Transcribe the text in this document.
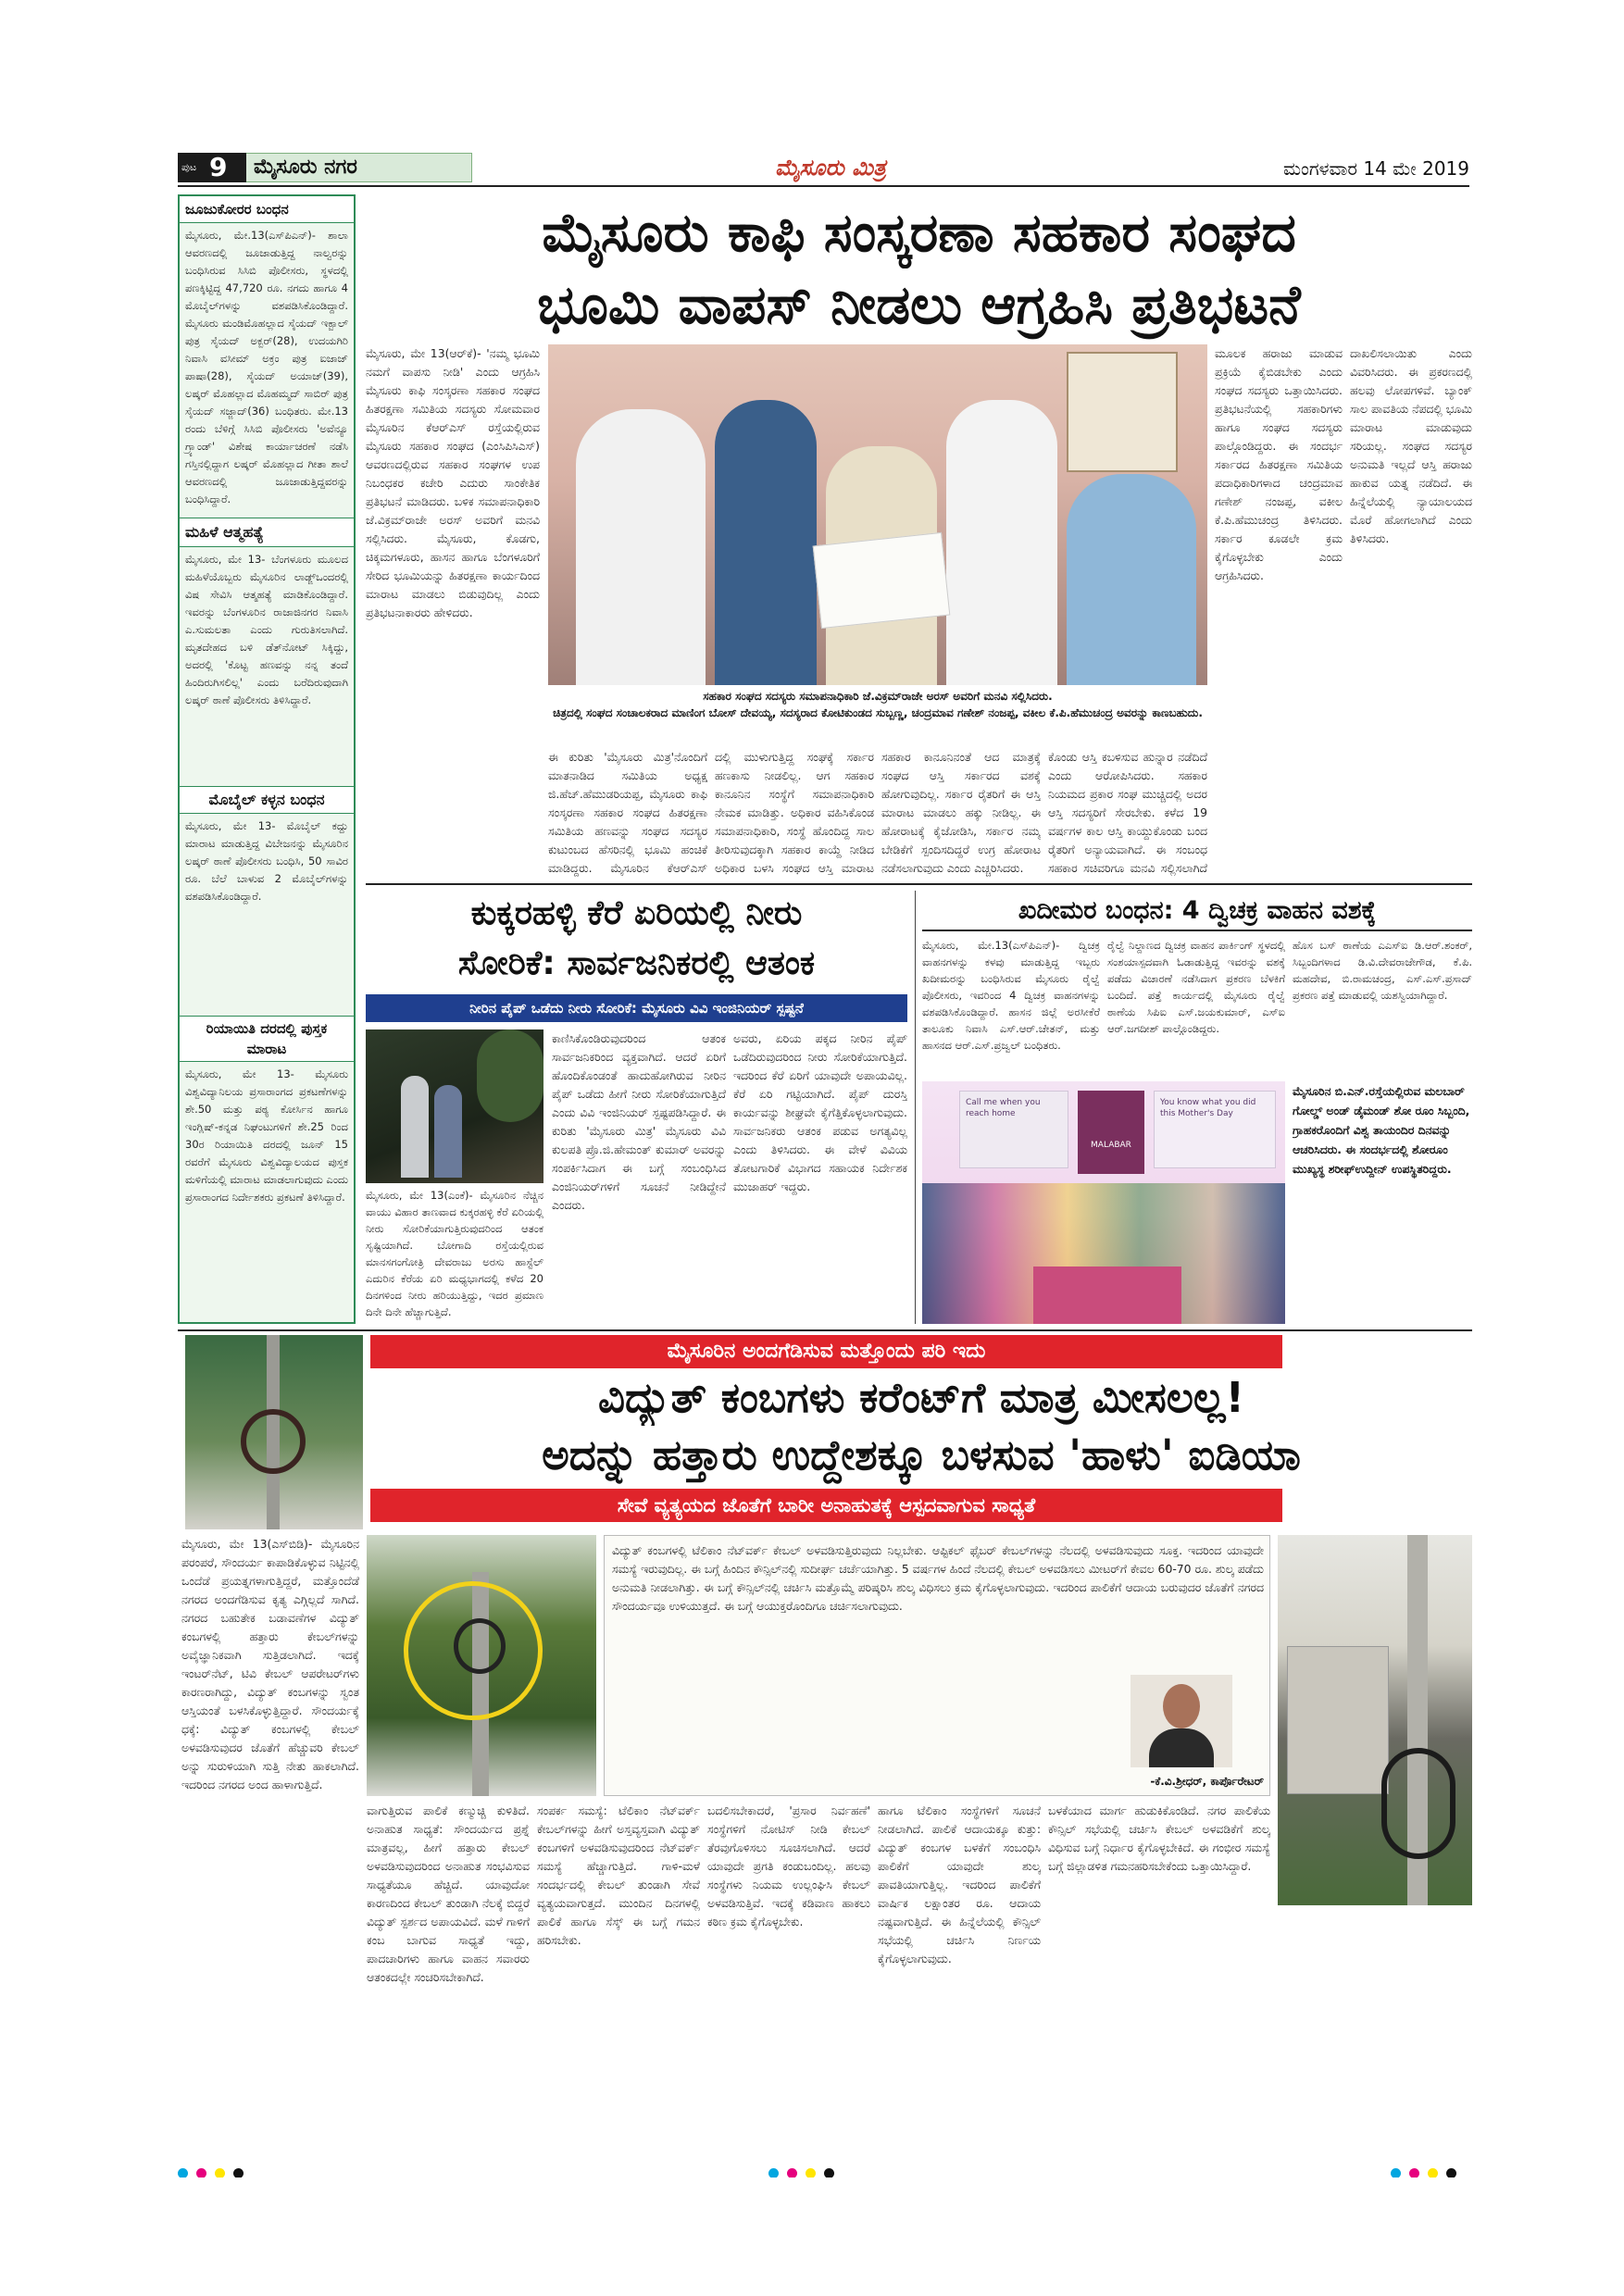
ಪುಟ 9 ಮೈಸೂರು ನಗರ	ಮೈಸೂರು ಮಿತ್ರ	ಮಂಗಳವಾರ 14 ಮೇ 2019
ಜೂಜುಕೋರರ ಬಂಧನ
ಮೈಸೂರು, ಮೇ.13(ಎಸ್‌ಪಿಎನ್)- ಶಾಲಾ ಆವರಣದಲ್ಲಿ ಜೂಜಾಡುತ್ತಿದ್ದ ನಾಲ್ವರನ್ನು ಬಂಧಿಸಿರುವ ಸಿಸಿಬಿ ಪೊಲೀಸರು, ಸ್ಥಳದಲ್ಲಿ ಪಣಕ್ಕಿಟ್ಟಿದ್ದ 47,720 ರೂ. ನಗದು ಹಾಗೂ 4 ಮೊಬೈಲ್‌ಗಳನ್ನು ವಶಪಡಿಸಿಕೊಂಡಿದ್ದಾರೆ. ಮೈಸೂರು ಮಂಡಿಮೊಹಲ್ಲಾದ ಸೈಯದ್ ಇಕ್ಬಾಲ್ ಪುತ್ರ ಸೈಯದ್ ಅಕ್ಬರ್(28), ಉದಯಗಿರಿ ನಿವಾಸಿ ವಸೀಮ್ ಅಕ್ರಂ ಪುತ್ರ ಐಜಾಜ್ ಪಾಷಾ(28), ಸೈಯದ್ ಅಯಾಜ್(39), ಲಷ್ಕರ್ ಮೊಹಲ್ಲಾದ ಮೊಹಮ್ಮದ್ ಸಾಬಿರ್ ಪುತ್ರ ಸೈಯದ್ ಸಜ್ಜಾದ್(36) ಬಂಧಿತರು. ಮೇ.13 ರಂದು ಬೆಳಿಗ್ಗೆ ಸಿಸಿಬಿ ಪೊಲೀಸರು 'ಅವೆನ್ಯೂ ಗ್ರ್ಯಾಂಡ್' ವಿಶೇಷ ಕಾರ್ಯಾಚರಣೆ ನಡೆಸಿ ಗಸ್ತಿನಲ್ಲಿದ್ದಾಗ ಲಷ್ಕರ್ ಮೊಹಲ್ಲಾದ ಗೀತಾ ಶಾಲೆ ಆವರಣದಲ್ಲಿ ಜೂಜಾಡುತ್ತಿದ್ದವರನ್ನು ಬಂಧಿಸಿದ್ದಾರೆ.
ಮಹಿಳೆ ಆತ್ಮಹತ್ಯೆ
ಮೈಸೂರು, ಮೇ 13- ಬೆಂಗಳೂರು ಮೂಲದ ಮಹಿಳೆಯೊಬ್ಬರು ಮೈಸೂರಿನ ಲಾಡ್ಜ್‌ಒಂದರಲ್ಲಿ ವಿಷ ಸೇವಿಸಿ ಆತ್ಮಹತ್ಯೆ ಮಾಡಿಕೊಂಡಿದ್ದಾರೆ. ಇವರನ್ನು ಬೆಂಗಳೂರಿನ ರಾಜಾಜಿನಗರ ನಿವಾಸಿ ಎ.ಸುಮಲತಾ ಎಂದು ಗುರುತಿಸಲಾಗಿದೆ. ಮೃತದೇಹದ ಬಳಿ ಡೆತ್‌ನೋಟ್ ಸಿಕ್ಕಿದ್ದು, ಅದರಲ್ಲಿ 'ಕೊಟ್ಟ ಹಣವನ್ನು ನನ್ನ ತಂದೆ ಹಿಂದಿರುಗಿಸಲಿಲ್ಲ' ಎಂದು ಬರೆದಿರುವುದಾಗಿ ಲಷ್ಕರ್ ಠಾಣೆ ಪೊಲೀಸರು ತಿಳಿಸಿದ್ದಾರೆ.
ಮೊಬೈಲ್ ಕಳ್ಳನ ಬಂಧನ
ಮೈಸೂರು, ಮೇ 13- ಮೊಬೈಲ್ ಕದ್ದು ಮಾರಾಟ ಮಾಡುತ್ತಿದ್ದ ವಿಬೇಜನನ್ನು ಮೈಸೂರಿನ ಲಷ್ಕರ್ ಠಾಣೆ ಪೊಲೀಸರು ಬಂಧಿಸಿ, 50 ಸಾವಿರ ರೂ. ಬೆಲೆ ಬಾಳುವ 2 ಮೊಬೈಲ್‌ಗಳನ್ನು ವಶಪಡಿಸಿಕೊಂಡಿದ್ದಾರೆ.
ರಿಯಾಯಿತಿ ದರದಲ್ಲಿ ಪುಸ್ತಕ ಮಾರಾಟ
ಮೈಸೂರು, ಮೇ 13- ಮೈಸೂರು ವಿಶ್ವವಿದ್ಯಾನಿಲಯ ಪ್ರಸಾರಾಂಗದ ಪ್ರಕಟಣೆಗಳನ್ನು ಶೇ.50 ಮತ್ತು ಪಠ್ಯ ಕೋರ್ಸಿನ ಹಾಗೂ ಇಂಗ್ಲಿಷ್-ಕನ್ನಡ ನಿಘಂಟುಗಳಿಗೆ ಶೇ.25 ರಿಂದ 30ರ ರಿಯಾಯಿತಿ ದರದಲ್ಲಿ ಜೂನ್ 15 ರವರೆಗೆ ಮೈಸೂರು ವಿಶ್ವವಿದ್ಯಾಲಯದ ಪುಸ್ತಕ ಮಳಿಗೆಯಲ್ಲಿ ಮಾರಾಟ ಮಾಡಲಾಗುವುದು ಎಂದು ಪ್ರಸಾರಾಂಗದ ನಿರ್ದೇಶಕರು ಪ್ರಕಟಣೆ ತಿಳಿಸಿದ್ದಾರೆ.
ಮೈಸೂರು ಕಾಫಿ ಸಂಸ್ಕರಣಾ ಸಹಕಾರ ಸಂಘದ
ಭೂಮಿ ವಾಪಸ್ ನೀಡಲು ಆಗ್ರಹಿಸಿ ಪ್ರತಿಭಟನೆ
ಮೈಸೂರು, ಮೇ 13(ಆರ್‌ಕೆ)- 'ನಮ್ಮ ಭೂಮಿ ನಮಗೆ ವಾಪಸು ನೀಡಿ' ಎಂದು ಆಗ್ರಹಿಸಿ ಮೈಸೂರು ಕಾಫಿ ಸಂಸ್ಕರಣಾ ಸಹಕಾರ ಸಂಘದ ಹಿತರಕ್ಷಣಾ ಸಮಿತಿಯ ಸದಸ್ಯರು ಸೋಮವಾರ ಮೈಸೂರಿನ ಕೆಆರ್‌ಎಸ್ ರಸ್ತೆಯಲ್ಲಿರುವ ಮೈಸೂರು ಸಹಕಾರ ಸಂಘದ (ಎಂಸಿಪಿಸಿಎಸ್) ಆವರಣದಲ್ಲಿರುವ ಸಹಕಾರ ಸಂಘಗಳ ಉಪ ನಿಬಂಧಕರ ಕಚೇರಿ ಎದುರು ಸಾಂಕೇತಿಕ ಪ್ರತಿಭಟನೆ ಮಾಡಿದರು. ಬಳಿಕ ಸಮಾಪನಾಧಿಕಾರಿ ಜೆ.ವಿಕ್ರಮ್‌ರಾಜೇ ಅರಸ್ ಅವರಿಗೆ ಮನವಿ ಸಲ್ಲಿಸಿದರು. ಮೈಸೂರು, ಕೊಡಗು, ಚಿಕ್ಕಮಗಳೂರು, ಹಾಸನ ಹಾಗೂ ಬೆಂಗಳೂರಿಗೆ ಸೇರಿದ ಭೂಮಿಯನ್ನು ಹಿತರಕ್ಷಣಾ ಕಾರ್ಯದಿಂದ ಮಾರಾಟ ಮಾಡಲು ಬಿಡುವುದಿಲ್ಲ ಎಂದು ಪ್ರತಿಭಟನಾಕಾರರು ಹೇಳಿದರು.
ಸಹಕಾರ ಸಂಘದ ಸದಸ್ಯರು ಸಮಾಪನಾಧಿಕಾರಿ ಜೆ.ವಿಕ್ರಮ್‌ರಾಜೇ ಅರಸ್ ಅವರಿಗೆ ಮನವಿ ಸಲ್ಲಿಸಿದರು.
ಚಿತ್ರದಲ್ಲಿ ಸಂಘದ ಸಂಚಾಲಕರಾದ ಮಾಣಿಂಗ ಬೋಸ್ ದೇವಯ್ಯ, ಸದಸ್ಯರಾದ ಕೋಟಿಕುಂಡದ ಸುಬ್ಬಣ್ಣ, ಚಂದ್ರಮಾವ ಗಣೇಶ್ ನಂಜಪ್ಪ, ವಕೀಲ ಕೆ.ಪಿ.ಹೆಮುಚಂದ್ರ ಅವರನ್ನು ಕಾಣಬಹುದು.
ಈ ಕುರಿತು 'ಮೈಸೂರು ಮಿತ್ರ'ನೊಂದಿಗೆ ಮಾತನಾಡಿದ ಸಮಿತಿಯ ಅಧ್ಯಕ್ಷ ಜಿ.ಹೆಚ್.ಹೆಮುಡರಿಯಪ್ಪ, ಮೈಸೂರು ಕಾಫಿ ಸಂಸ್ಕರಣಾ ಸಹಕಾರ ಸಂಘದ ಹಿತರಕ್ಷಣಾ ಸಮಿತಿಯ ಹಣವನ್ನು ಸಂಘದ ಸದಸ್ಯರ ಕುಟುಂಬದ ಹೆಸರಿನಲ್ಲಿ ಭೂಮಿ ಹಂಚಿಕೆ ಮಾಡಿದ್ದರು. ಮೈಸೂರಿನ ಕೆಆರ್‌ಎಸ್
ದಲ್ಲಿ ಮುಳುಗುತ್ತಿದ್ದ ಸಂಘಕ್ಕೆ ಸರ್ಕಾರ ಹಣಕಾಸು ನೀಡಲಿಲ್ಲ. ಆಗ ಸಹಕಾರ ಕಾನೂನಿನ ಸಂಸ್ಥೆಗೆ ಸಮಾಪನಾಧಿಕಾರಿ ನೇಮಕ ಮಾಡಿತ್ತು. ಅಧಿಕಾರ ವಹಿಸಿಕೊಂಡ ಸಮಾಪನಾಧಿಕಾರಿ, ಸಂಸ್ಥೆ ಹೊಂದಿದ್ದ ಸಾಲ ತೀರಿಸುವುದಕ್ಕಾಗಿ ಸಹಕಾರ ಕಾಯ್ದೆ ನೀಡಿದ ಅಧಿಕಾರ ಬಳಸಿ ಸಂಘದ ಆಸ್ತಿ ಮಾರಾಟ
ಸಹಕಾರ ಕಾನೂನಿನಂತೆ ಆದ ಮಾತ್ರಕ್ಕೆ ಸಂಘದ ಆಸ್ತಿ ಸರ್ಕಾರದ ವಶಕ್ಕೆ ಹೋಗುವುದಿಲ್ಲ. ಸರ್ಕಾರ ರೈತರಿಗೆ ಈ ಆಸ್ತಿ ಮಾರಾಟ ಮಾಡಲು ಹಕ್ಕು ನೀಡಿಲ್ಲ. ಈ ಹೋರಾಟಕ್ಕೆ ಕೈಜೋಡಿಸಿ, ಸರ್ಕಾರ ನಮ್ಮ ಬೇಡಿಕೆಗೆ ಸ್ಪಂದಿಸದಿದ್ದರೆ ಉಗ್ರ ಹೋರಾಟ ನಡೆಸಲಾಗುವುದು ಎಂದು ಎಚ್ಚರಿಸಿದರು.
ಕೊಂಡು ಆಸ್ತಿ ಕಬಳಿಸುವ ಹುನ್ನಾರ ನಡೆದಿದೆ ಎಂದು ಆರೋಪಿಸಿದರು. ಸಹಕಾರ ನಿಯಮದ ಪ್ರಕಾರ ಸಂಘ ಮುಚ್ಚಿದಲ್ಲಿ ಅದರ ಆಸ್ತಿ ಸದಸ್ಯರಿಗೆ ಸೇರಬೇಕು. ಕಳೆದ 19 ವರ್ಷಗಳ ಕಾಲ ಆಸ್ತಿ ಕಾಯ್ದುಕೊಂಡು ಬಂದ ರೈತರಿಗೆ ಅನ್ಯಾಯವಾಗಿದೆ. ಈ ಸಂಬಂಧ ಸಹಕಾರ ಸಚಿವರಿಗೂ ಮನವಿ ಸಲ್ಲಿಸಲಾಗಿದೆ
ಮೂಲಕ ಹರಾಜು ಮಾಡುವ ಪ್ರಕ್ರಿಯೆ ಕೈಬಿಡಬೇಕು ಎಂದು ಸಂಘದ ಸದಸ್ಯರು ಒತ್ತಾಯಿಸಿದರು. ಪ್ರತಿಭಟನೆಯಲ್ಲಿ ಸಹಕಾರಿಗಳು ಹಾಗೂ ಸಂಘದ ಸದಸ್ಯರು ಪಾಲ್ಗೊಂಡಿದ್ದರು. ಈ ಸಂದರ್ಭ ಸರ್ಕಾರದ ಹಿತರಕ್ಷಣಾ ಸಮಿತಿಯ ಪದಾಧಿಕಾರಿಗಳಾದ ಚಂದ್ರಮಾವ ಗಣೇಶ್ ನಂಜಪ್ಪ, ವಕೀಲ ಕೆ.ಪಿ.ಹೆಮುಚಂದ್ರ ತಿಳಿಸಿದರು. ಸರ್ಕಾರ ಕೂಡಲೇ ಕ್ರಮ ಕೈಗೊಳ್ಳಬೇಕು ಎಂದು ಆಗ್ರಹಿಸಿದರು.
ದಾಖಲಿಸಲಾಯಿತು ಎಂದು ವಿವರಿಸಿದರು. ಈ ಪ್ರಕರಣದಲ್ಲಿ ಹಲವು ಲೋಪಗಳಿವೆ. ಬ್ಯಾಂಕ್ ಸಾಲ ಪಾವತಿಯ ನೆಪದಲ್ಲಿ ಭೂಮಿ ಮಾರಾಟ ಮಾಡುವುದು ಸರಿಯಲ್ಲ. ಸಂಘದ ಸದಸ್ಯರ ಅನುಮತಿ ಇಲ್ಲದೆ ಆಸ್ತಿ ಹರಾಜು ಹಾಕುವ ಯತ್ನ ನಡೆದಿದೆ. ಈ ಹಿನ್ನೆಲೆಯಲ್ಲಿ ನ್ಯಾಯಾಲಯದ ಮೊರೆ ಹೋಗಲಾಗಿದೆ ಎಂದು ತಿಳಿಸಿದರು.
ಕುಕ್ಕರಹಳ್ಳಿ ಕೆರೆ ಏರಿಯಲ್ಲಿ ನೀರು
ಸೋರಿಕೆ: ಸಾರ್ವಜನಿಕರಲ್ಲಿ ಆತಂಕ
ನೀರಿನ ಪೈಪ್ ಒಡೆದು ನೀರು ಸೋರಿಕೆ: ಮೈಸೂರು ವಿವಿ ಇಂಜಿನಿಯರ್ ಸ್ಪಷ್ಟನೆ
ಮೈಸೂರು, ಮೇ 13(ಎಂಕೆ)- ಮೈಸೂರಿನ ನೆಚ್ಚಿನ ವಾಯು ವಿಹಾರ ತಾಣವಾದ ಕುಕ್ಕರಹಳ್ಳಿ ಕೆರೆ ಏರಿಯಲ್ಲಿ ನೀರು ಸೋರಿಕೆಯಾಗುತ್ತಿರುವುದರಿಂದ ಆತಂಕ ಸೃಷ್ಟಿಯಾಗಿದೆ. ಬೋಗಾದಿ ರಸ್ತೆಯಲ್ಲಿರುವ ಮಾನಸಗಂಗೋತ್ರಿ ದೇವರಾಜು ಅರಸು ಹಾಸ್ಟೆಲ್ ಎದುರಿನ ಕೆರೆಯ ಏರಿ ಮಧ್ಯಭಾಗದಲ್ಲಿ ಕಳೆದ 20 ದಿನಗಳಿಂದ ನೀರು ಹರಿಯುತ್ತಿದ್ದು, ಇದರ ಪ್ರಮಾಣ ದಿನೇ ದಿನೇ ಹೆಚ್ಚಾಗುತ್ತಿದೆ.
ಕಾಣಿಸಿಕೊಂಡಿರುವುದರಿಂದ ಆತಂಕ ಸಾರ್ವಜನಿಕರಿಂದ ವ್ಯಕ್ತವಾಗಿದೆ. ಆದರೆ ಏರಿಗೆ ಹೊಂದಿಕೊಂಡಂತೆ ಹಾದುಹೋಗಿರುವ ನೀರಿನ ಪೈಪ್ ಒಡೆದು ಹೀಗೆ ನೀರು ಸೋರಿಕೆಯಾಗುತ್ತಿದೆ ಎಂದು ವಿವಿ ಇಂಜಿನಿಯರ್ ಸ್ಪಷ್ಟಪಡಿಸಿದ್ದಾರೆ. ಈ ಕುರಿತು 'ಮೈಸೂರು ಮಿತ್ರ' ಮೈಸೂರು ವಿವಿ ಕುಲಪತಿ ಪ್ರೊ.ಜಿ.ಹೇಮಂತ್ ಕುಮಾರ್ ಅವರನ್ನು ಸಂಪರ್ಕಿಸಿದಾಗ ಈ ಬಗ್ಗೆ ಸಂಬಂಧಿಸಿದ ಎಂಜಿನಿಯರ್‌ಗಳಿಗೆ ಸೂಚನೆ ನೀಡಿದ್ದೇನೆ ಎಂದರು.
ಅವರು, ಏರಿಯ ಪಕ್ಕದ ನೀರಿನ ಪೈಪ್ ಒಡೆದಿರುವುದರಿಂದ ನೀರು ಸೋರಿಕೆಯಾಗುತ್ತಿದೆ. ಇದರಿಂದ ಕೆರೆ ಏರಿಗೆ ಯಾವುದೇ ಅಪಾಯವಿಲ್ಲ. ಕೆರೆ ಏರಿ ಗಟ್ಟಿಯಾಗಿದೆ. ಪೈಪ್ ದುರಸ್ತಿ ಕಾರ್ಯವನ್ನು ಶೀಘ್ರವೇ ಕೈಗೆತ್ತಿಕೊಳ್ಳಲಾಗುವುದು. ಸಾರ್ವಜನಿಕರು ಆತಂಕ ಪಡುವ ಅಗತ್ಯವಿಲ್ಲ ಎಂದು ತಿಳಿಸಿದರು. ಈ ವೇಳೆ ವಿವಿಯ ತೋಟಗಾರಿಕೆ ವಿಭಾಗದ ಸಹಾಯಕ ನಿರ್ದೇಶಕ ಮುಜಾಹರ್ ಇದ್ದರು.
ಖದೀಮರ ಬಂಧನ: 4 ದ್ವಿಚಕ್ರ ವಾಹನ ವಶಕ್ಕೆ
ಮೈಸೂರು, ಮೇ.13(ಎಸ್‌ಪಿಎನ್)- ದ್ವಿಚಕ್ರ ವಾಹನಗಳನ್ನು ಕಳವು ಮಾಡುತ್ತಿದ್ದ ಇಬ್ಬರು ಖದೀಮರನ್ನು ಬಂಧಿಸಿರುವ ಮೈಸೂರು ರೈಲ್ವೆ ಪೊಲೀಸರು, ಇವರಿಂದ 4 ದ್ವಿಚಕ್ರ ವಾಹನಗಳನ್ನು ವಶಪಡಿಸಿಕೊಂಡಿದ್ದಾರೆ. ಹಾಸನ ಜಿಲ್ಲೆ ಅರಸೀಕೆರೆ ತಾಲೂಕು ನಿವಾಸಿ ಎಸ್.ಆರ್.ಚೇತನ್, ಮತ್ತು ಹಾಸನದ ಆರ್.ಎಸ್.ಪ್ರಜ್ವಲ್ ಬಂಧಿತರು.
ರೈಲ್ವೆ ನಿಲ್ದಾಣದ ದ್ವಿಚಕ್ರ ವಾಹನ ಪಾರ್ಕಿಂಗ್ ಸ್ಥಳದಲ್ಲಿ ಸಂಶಯಾಸ್ಪದವಾಗಿ ಓಡಾಡುತ್ತಿದ್ದ ಇವರನ್ನು ವಶಕ್ಕೆ ಪಡೆದು ವಿಚಾರಣೆ ನಡೆಸಿದಾಗ ಪ್ರಕರಣ ಬೆಳಕಿಗೆ ಬಂದಿದೆ. ಪತ್ತೆ ಕಾರ್ಯದಲ್ಲಿ ಮೈಸೂರು ರೈಲ್ವೆ ಠಾಣೆಯ ಸಿಪಿಐ ಎಸ್.ಜಯಕುಮಾರ್, ಎಸ್‌ಐ ಆರ್.ಜಗದೀಶ್ ಪಾಲ್ಗೊಂಡಿದ್ದರು.
ಹೊಸ ಬಸ್ ಠಾಣೆಯ ಎಎಸ್‌ಐ ಡಿ.ಆರ್.ಶಂಕರ್, ಸಿಬ್ಬಂದಿಗಳಾದ ಡಿ.ವಿ.ದೇವರಾಜೇಗೌಡ, ಕೆ.ಪಿ. ಮಹದೇವ, ಬಿ.ರಾಮಚಂದ್ರ, ಎಸ್.ಎಸ್.ಪ್ರಸಾದ್ ಪ್ರಕರಣ ಪತ್ತೆ ಮಾಡುವಲ್ಲಿ ಯಶಸ್ವಿಯಾಗಿದ್ದಾರೆ.
Call me when you reach home
MALABAR
You know what you did this Mother's Day
ಮೈಸೂರಿನ ಬಿ.ಎನ್.ರಸ್ತೆಯಲ್ಲಿರುವ ಮಲಬಾರ್ ಗೋಲ್ಡ್ ಅಂಡ್ ಡೈಮಂಡ್ ಶೋ ರೂಂ ಸಿಬ್ಬಂದಿ, ಗ್ರಾಹಕರೊಂದಿಗೆ ವಿಶ್ವ ತಾಯಂದಿರ ದಿನವನ್ನು ಆಚರಿಸಿದರು. ಈ ಸಂದರ್ಭದಲ್ಲಿ ಶೋರೂಂ ಮುಖ್ಯಸ್ಥ ಶರೀಫ್‌ಉದ್ದೀನ್ ಉಪಸ್ಥಿತರಿದ್ದರು.
ಮೈಸೂರಿನ ಅಂದಗೆಡಿಸುವ ಮತ್ತೊಂದು ಪರಿ ಇದು
ವಿದ್ಯುತ್ ಕಂಬಗಳು ಕರೆಂಟ್‌ಗೆ ಮಾತ್ರ ಮೀಸಲಲ್ಲ!
ಅದನ್ನು ಹತ್ತಾರು ಉದ್ದೇಶಕ್ಕೂ ಬಳಸುವ 'ಹಾಳು' ಐಡಿಯಾ
ಸೇವೆ ವ್ಯತ್ಯಯದ ಜೊತೆಗೆ ಬಾರೀ ಅನಾಹುತಕ್ಕೆ ಆಸ್ಪದವಾಗುವ ಸಾಧ್ಯತೆ
ಮೈಸೂರು, ಮೇ 13(ಎಸ್‌ಬಿಡಿ)- ಮೈಸೂರಿನ ಪರಂಪರೆ, ಸೌಂದರ್ಯ ಕಾಪಾಡಿಕೊಳ್ಳುವ ನಿಟ್ಟಿನಲ್ಲಿ ಒಂದೆಡೆ ಪ್ರಯತ್ನಗಳಾಗುತ್ತಿದ್ದರೆ, ಮತ್ತೊಂದೆಡೆ ನಗರದ ಅಂದಗೆಡಿಸುವ ಕೃತ್ಯ ಎಗ್ಗಿಲ್ಲದೆ ಸಾಗಿದೆ. ನಗರದ ಬಹುತೇಕ ಬಡಾವಣೆಗಳ ವಿದ್ಯುತ್ ಕಂಬಗಳಲ್ಲಿ ಹತ್ತಾರು ಕೇಬಲ್‌ಗಳನ್ನು ಅವೈಜ್ಞಾನಿಕವಾಗಿ ಸುತ್ತಿಡಲಾಗಿದೆ. ಇದಕ್ಕೆ ಇಂಟರ್‌ನೆಟ್, ಟಿವಿ ಕೇಬಲ್ ಆಪರೇಟರ್‌ಗಳು ಕಾರಣರಾಗಿದ್ದು, ವಿದ್ಯುತ್ ಕಂಬಗಳನ್ನು ಸ್ವಂತ ಆಸ್ತಿಯಂತೆ ಬಳಸಿಕೊಳ್ಳುತ್ತಿದ್ದಾರೆ. ಸೌಂದರ್ಯಕ್ಕೆ ಧಕ್ಕೆ: ವಿದ್ಯುತ್ ಕಂಬಗಳಲ್ಲಿ ಕೇಬಲ್ ಅಳವಡಿಸುವುದರ ಜೊತೆಗೆ ಹೆಚ್ಚುವರಿ ಕೇಬಲ್ ಅನ್ನು ಸುರುಳಿಯಾಗಿ ಸುತ್ತಿ ನೇತು ಹಾಕಲಾಗಿದೆ. ಇದರಿಂದ ನಗರದ ಅಂದ ಹಾಳಾಗುತ್ತಿದೆ.
ವಿದ್ಯುತ್ ಕಂಬಗಳಲ್ಲಿ ಟೆಲಿಕಾಂ ನೆಟ್‌ವರ್ಕ್ ಕೇಬಲ್ ಅಳವಡಿಸುತ್ತಿರುವುದು ನಿಲ್ಲಬೇಕು. ಆಪ್ಟಿಕಲ್ ಫೈಬರ್ ಕೇಬಲ್‌ಗಳನ್ನು ನೆಲದಲ್ಲಿ ಅಳವಡಿಸುವುದು ಸೂಕ್ತ. ಇದರಿಂದ ಯಾವುದೇ ಸಮಸ್ಯೆ ಇರುವುದಿಲ್ಲ. ಈ ಬಗ್ಗೆ ಹಿಂದಿನ ಕೌನ್ಸಿಲ್‌ನಲ್ಲಿ ಸುದೀರ್ಘ ಚರ್ಚೆಯಾಗಿತ್ತು. 5 ವರ್ಷಗಳ ಹಿಂದೆ ನೆಲದಲ್ಲಿ ಕೇಬಲ್ ಅಳವಡಿಸಲು ಮೀಟರ್‌ಗೆ ಕೇವಲ 60-70 ರೂ. ಶುಲ್ಕ ಪಡೆದು ಅನುಮತಿ ನೀಡಲಾಗಿತ್ತು. ಈ ಬಗ್ಗೆ ಕೌನ್ಸಿಲ್‌ನಲ್ಲಿ ಚರ್ಚಿಸಿ ಮತ್ತೊಮ್ಮೆ ಪರಿಷ್ಕರಿಸಿ ಶುಲ್ಕ ವಿಧಿಸಲು ಕ್ರಮ ಕೈಗೊಳ್ಳಲಾಗುವುದು. ಇದರಿಂದ ಪಾಲಿಕೆಗೆ ಆದಾಯ ಬರುವುದರ ಜೊತೆಗೆ ನಗರದ ಸೌಂದರ್ಯವೂ ಉಳಿಯುತ್ತದೆ. ಈ ಬಗ್ಗೆ ಆಯುಕ್ತರೊಂದಿಗೂ ಚರ್ಚಿಸಲಾಗುವುದು.
-ಕೆ.ವಿ.ಶ್ರೀಧರ್, ಕಾರ್ಪೊರೇಟರ್
ವಾಗುತ್ತಿರುವ ಪಾಲಿಕೆ ಕಣ್ಮುಚ್ಚಿ ಕುಳಿತಿದೆ. ಅನಾಹುತ ಸಾಧ್ಯತೆ: ಸೌಂದರ್ಯದ ಪ್ರಶ್ನೆ ಮಾತ್ರವಲ್ಲ, ಹೀಗೆ ಹತ್ತಾರು ಕೇಬಲ್ ಅಳವಡಿಸುವುದರಿಂದ ಅನಾಹುತ ಸಂಭವಿಸುವ ಸಾಧ್ಯತೆಯೂ ಹೆಚ್ಚಿದೆ. ಯಾವುದೋ ಕಾರಣದಿಂದ ಕೇಬಲ್ ತುಂಡಾಗಿ ನೆಲಕ್ಕೆ ಬಿದ್ದರೆ ವಿದ್ಯುತ್ ಸ್ಪರ್ಶದ ಅಪಾಯವಿದೆ. ಮಳೆ ಗಾಳಿಗೆ ಕಂಬ ಬಾಗುವ ಸಾಧ್ಯತೆ ಇದ್ದು, ಪಾದಚಾರಿಗಳು ಹಾಗೂ ವಾಹನ ಸವಾರರು ಆತಂಕದಲ್ಲೇ ಸಂಚರಿಸಬೇಕಾಗಿದೆ.
ಸಂಪರ್ಕ ಸಮಸ್ಯೆ: ಟೆಲಿಕಾಂ ನೆಟ್‌ವರ್ಕ್ ಕೇಬಲ್‌ಗಳನ್ನು ಹೀಗೆ ಅಸ್ತವ್ಯಸ್ತವಾಗಿ ವಿದ್ಯುತ್ ಕಂಬಗಳಿಗೆ ಅಳವಡಿಸುವುದರಿಂದ ನೆಟ್‌ವರ್ಕ್ ಸಮಸ್ಯೆ ಹೆಚ್ಚಾಗುತ್ತಿದೆ. ಗಾಳಿ-ಮಳೆ ಸಂದರ್ಭದಲ್ಲಿ ಕೇಬಲ್ ತುಂಡಾಗಿ ಸೇವೆ ವ್ಯತ್ಯಯವಾಗುತ್ತದೆ. ಮುಂದಿನ ದಿನಗಳಲ್ಲಿ ಪಾಲಿಕೆ ಹಾಗೂ ಸೆಸ್ಕ್ ಈ ಬಗ್ಗೆ ಗಮನ ಹರಿಸಬೇಕು.
ಬದಲಿಸಬೇಕಾದರೆ, 'ಪ್ರಸಾರ ನಿರ್ವಹಣೆ' ಸಂಸ್ಥೆಗಳಿಗೆ ನೋಟಿಸ್ ನೀಡಿ ಕೇಬಲ್ ತೆರವುಗೊಳಿಸಲು ಸೂಚಿಸಲಾಗಿದೆ. ಆದರೆ ಯಾವುದೇ ಪ್ರಗತಿ ಕಂಡುಬಂದಿಲ್ಲ. ಹಲವು ಸಂಸ್ಥೆಗಳು ನಿಯಮ ಉಲ್ಲಂಘಿಸಿ ಕೇಬಲ್ ಅಳವಡಿಸುತ್ತಿವೆ. ಇದಕ್ಕೆ ಕಡಿವಾಣ ಹಾಕಲು ಕಠಿಣ ಕ್ರಮ ಕೈಗೊಳ್ಳಬೇಕು.
ಹಾಗೂ ಟೆಲಿಕಾಂ ಸಂಸ್ಥೆಗಳಿಗೆ ಸೂಚನೆ ನೀಡಲಾಗಿದೆ. ಪಾಲಿಕೆ ಆದಾಯಕ್ಕೂ ಕುತ್ತು: ವಿದ್ಯುತ್ ಕಂಬಗಳ ಬಳಕೆಗೆ ಸಂಬಂಧಿಸಿ ಪಾಲಿಕೆಗೆ ಯಾವುದೇ ಶುಲ್ಕ ಪಾವತಿಯಾಗುತ್ತಿಲ್ಲ. ಇದರಿಂದ ಪಾಲಿಕೆಗೆ ವಾರ್ಷಿಕ ಲಕ್ಷಾಂತರ ರೂ. ಆದಾಯ ನಷ್ಟವಾಗುತ್ತಿದೆ. ಈ ಹಿನ್ನೆಲೆಯಲ್ಲಿ ಕೌನ್ಸಿಲ್ ಸಭೆಯಲ್ಲಿ ಚರ್ಚಿಸಿ ನಿರ್ಣಯ ಕೈಗೊಳ್ಳಲಾಗುವುದು.
ಬಳಕೆಯಾದ ಮಾರ್ಗ ಹುಡುಕಿಕೊಂಡಿದೆ. ನಗರ ಪಾಲಿಕೆಯ ಕೌನ್ಸಿಲ್ ಸಭೆಯಲ್ಲಿ ಚರ್ಚಿಸಿ ಕೇಬಲ್ ಅಳವಡಿಕೆಗೆ ಶುಲ್ಕ ವಿಧಿಸುವ ಬಗ್ಗೆ ನಿರ್ಧಾರ ಕೈಗೊಳ್ಳಬೇಕಿದೆ. ಈ ಗಂಭೀರ ಸಮಸ್ಯೆ ಬಗ್ಗೆ ಜಿಲ್ಲಾಡಳಿತ ಗಮನಹರಿಸಬೇಕೆಂದು ಒತ್ತಾಯಿಸಿದ್ದಾರೆ.
